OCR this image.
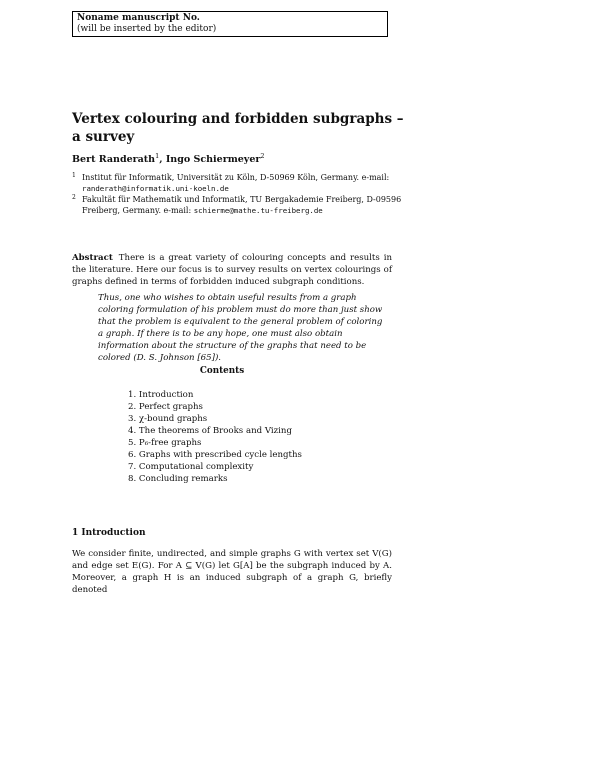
Noname manuscript No.
(will be inserted by the editor)
Vertex colouring and forbidden subgraphs –
a survey
Bert Randerath$^1$, Ingo Schiermeyer$^2$
1 Institut für Informatik, Universität zu Köln, D-50969 Köln, Germany. e-mail:
randerath@informatik.uni-koeln.de
2 Fakultät für Mathematik und Informatik, TU Bergakademie Freiberg, D-09596 Freiberg, Germany. e-mail: schierme@mathe.tu-freiberg.de
Abstract There is a great variety of colouring concepts and results in the literature. Here our focus is to survey results on vertex colourings of graphs defined in terms of forbidden induced subgraph conditions.
Thus, one who wishes to obtain useful results from a graph coloring formulation of his problem must do more than just show that the problem is equivalent to the general problem of coloring a graph. If there is to be any hope, one must also obtain information about the structure of the graphs that need to be colored (D. S. Johnson [65]).
Contents
1. Introduction
2. Perfect graphs
3. χ-bound graphs
4. The theorems of Brooks and Vizing
5. P₆-free graphs
6. Graphs with prescribed cycle lengths
7. Computational complexity
8. Concluding remarks
1 Introduction
We consider finite, undirected, and simple graphs G with vertex set V(G) and edge set E(G). For A ⊆ V(G) let G[A] be the subgraph induced by A. Moreover, a graph H is an induced subgraph of a graph G, briefly denoted
